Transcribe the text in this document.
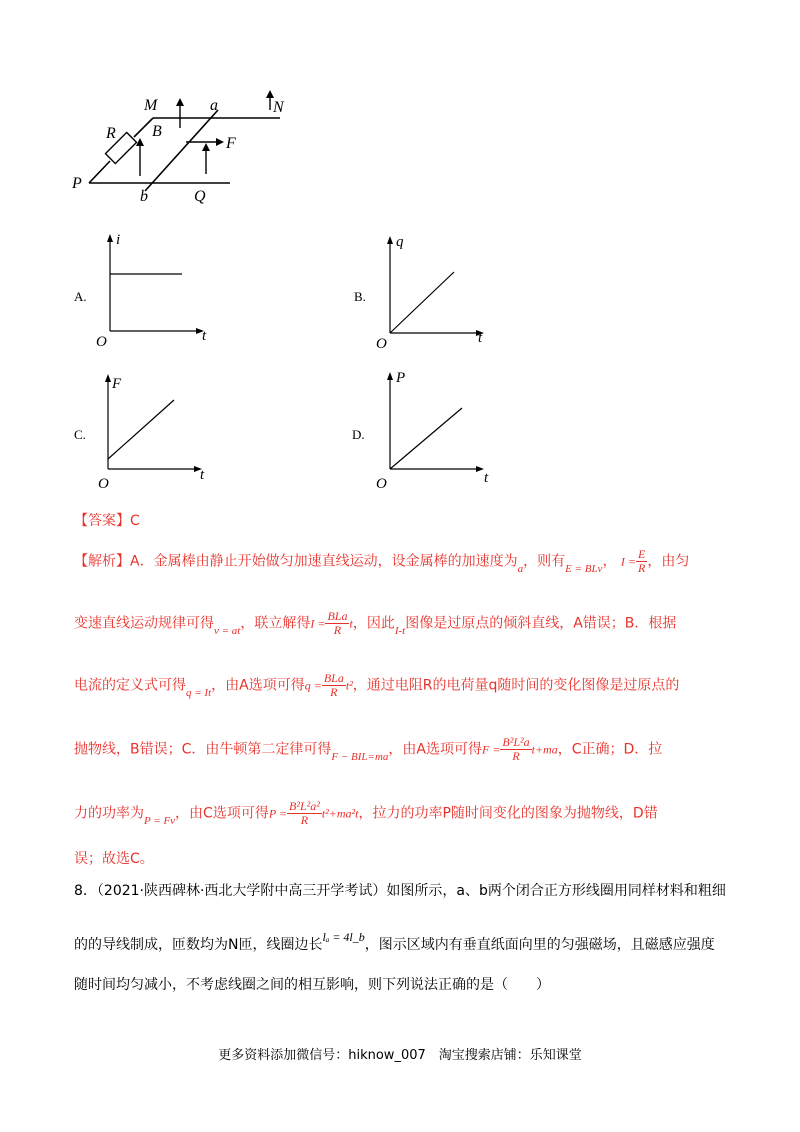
M	a	N
R B
F
P
b	Q
A.
i
t
O
B.
q
t
O
C.
F
t
O
D.
P
t
O
【答案】C
【解析】A．金属棒由静止开始做匀加速直线运动，设金属棒的加速度为$_a$，则有$_{E = BLv}$， $I = \frac{E}{R}$ ，由匀
变速直线运动规律可得$_{v = at}$，联立解得$I = \frac{\text{BLa}}{R}$ t，因此$_{I-t}$图像是过原点的倾斜直线，A错误；B．根据
电流的定义式可得$_{q = It}$，由A选项可得$q = \frac{\text{BLa}}{R} t^2$，通过电阻R的电荷量q随时间的变化图像是过原点的
抛物线，B错误；C．由牛顿第二定律可得$_{F - BIL=ma}$，由A选项可得$F = \frac{\text{B²L²a}}{R} t+ma$，C正确；D．拉
力的功率为$_{P = Fv}$，由C选项可得$P = \frac{\text{B²L²a²}}{R} t^2+ma^2t$，拉力的功率P随时间变化的图象为抛物线，D错
误；故选C。
8．（2021·陕西碑林·西北大学附中高三开学考试）如图所示，a、b两个闭合正方形线圈用同样材料和粗细
的的导线制成，匝数均为N匝，线圈边长lₐ = 4l_b，图示区域内有垂直纸面向里的匀强磁场，且磁感应强度
随时间均匀减小，不考虑线圈之间的相互影响，则下列说法正确的是（　　）
更多资料添加微信号：hiknow_007　淘宝搜索店铺：乐知课堂
